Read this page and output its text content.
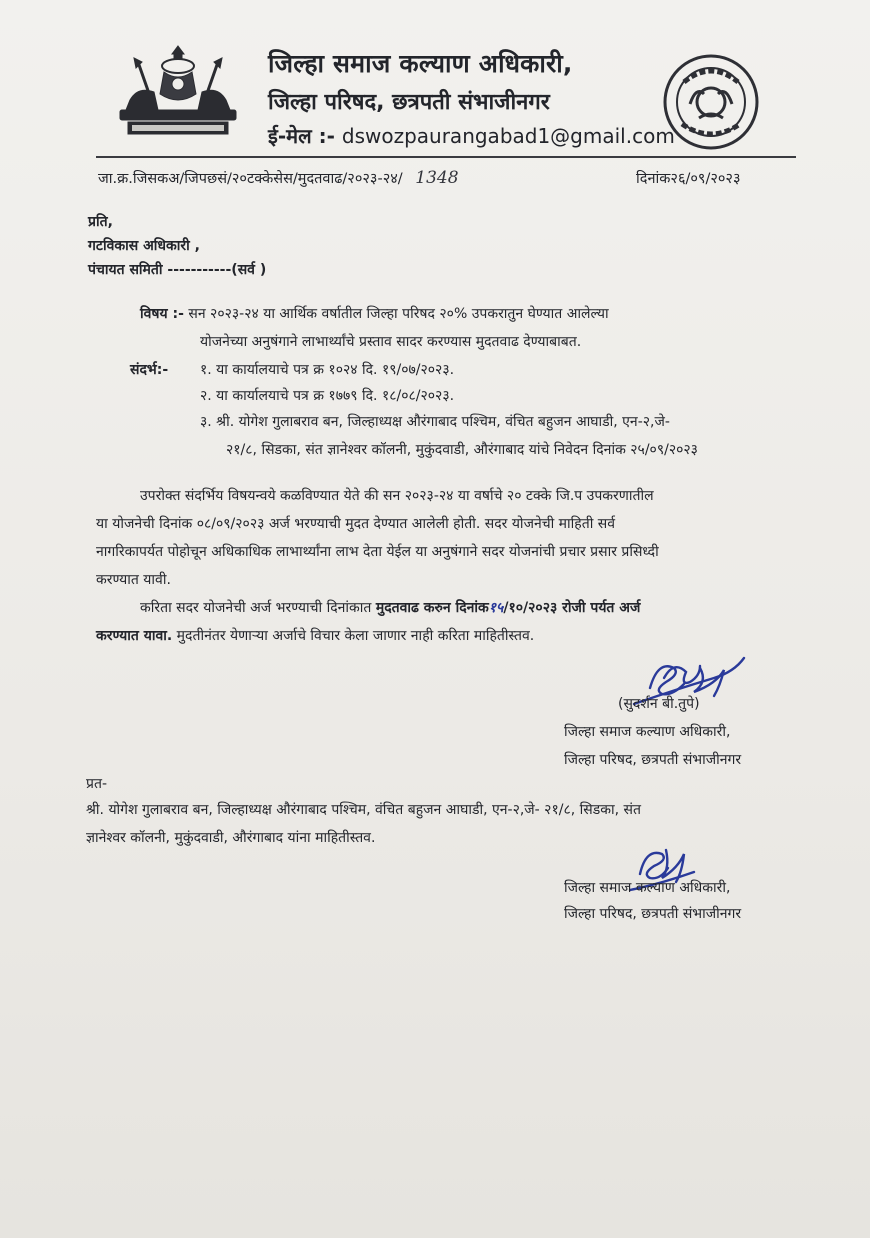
जिल्हा समाज कल्याण अधिकारी,
जिल्हा परिषद, छत्रपती संभाजीनगर
ई-मेल :- dswozpaurangabad1@gmail.com
जा.क्र.जिसकअ/जिपछसं/२०टक्केसेस/मुदतवाढ/२०२३-२४/ 1348	दिनांक२६/०९/२०२३
प्रति,
गटविकास अधिकारी ,
पंचायत समिती -----------(सर्व )
विषय :- सन २०२३-२४ या आर्थिक वर्षातील जिल्हा परिषद २०% उपकरातुन घेण्यात आलेल्या
योजनेच्या अनुषंगाने लाभार्थ्यांचे प्रस्ताव सादर करण्यास मुदतवाढ देण्याबाबत.
संदर्भ:- १. या कार्यालयाचे पत्र क्र १०२४ दि. १९/०७/२०२३.
२. या कार्यालयाचे पत्र क्र १७७९ दि. १८/०८/२०२३.
३. श्री. योगेश गुलाबराव बन, जिल्हाध्यक्ष औरंगाबाद पश्चिम, वंचित बहुजन आघाडी, एन-२,जे-
२१/८, सिडका, संत ज्ञानेश्वर कॉलनी, मुकुंदवाडी, औरंगाबाद यांचे निवेदन दिनांक २५/०९/२०२३
उपरोक्त संदर्भिय विषयन्वये कळविण्यात येते की सन २०२३-२४ या वर्षाचे २० टक्के जि.प उपकरणातील
या योजनेची दिनांक ०८/०९/२०२३ अर्ज भरण्याची मुदत देण्यात आलेली होती. सदर योजनेची माहिती सर्व
नागरिकापर्यत पोहोचून अधिकाधिक लाभार्थ्यांना लाभ देता येईल या अनुषंगाने सदर योजनांची प्रचार प्रसार प्रसिध्दी
करण्यात यावी.
करिता सदर योजनेची अर्ज भरण्याची दिनांकात मुदतवाढ करुन दिनांक१५/१०/२०२३ रोजी पर्यत अर्ज
करण्यात यावा. मुदतीनंतर येणाऱ्या अर्जाचे विचार केला जाणार नाही करिता माहितीस्तव.
(सुदर्शन बी.तुपे)
जिल्हा समाज कल्याण अधिकारी,
जिल्हा परिषद, छत्रपती संभाजीनगर
प्रत-
श्री. योगेश गुलाबराव बन, जिल्हाध्यक्ष औरंगाबाद पश्चिम, वंचित बहुजन आघाडी, एन-२,जे- २१/८, सिडका, संत
ज्ञानेश्वर कॉलनी, मुकुंदवाडी, औरंगाबाद यांना माहितीस्तव.
जिल्हा समाज कल्याण अधिकारी,
जिल्हा परिषद, छत्रपती संभाजीनगर
